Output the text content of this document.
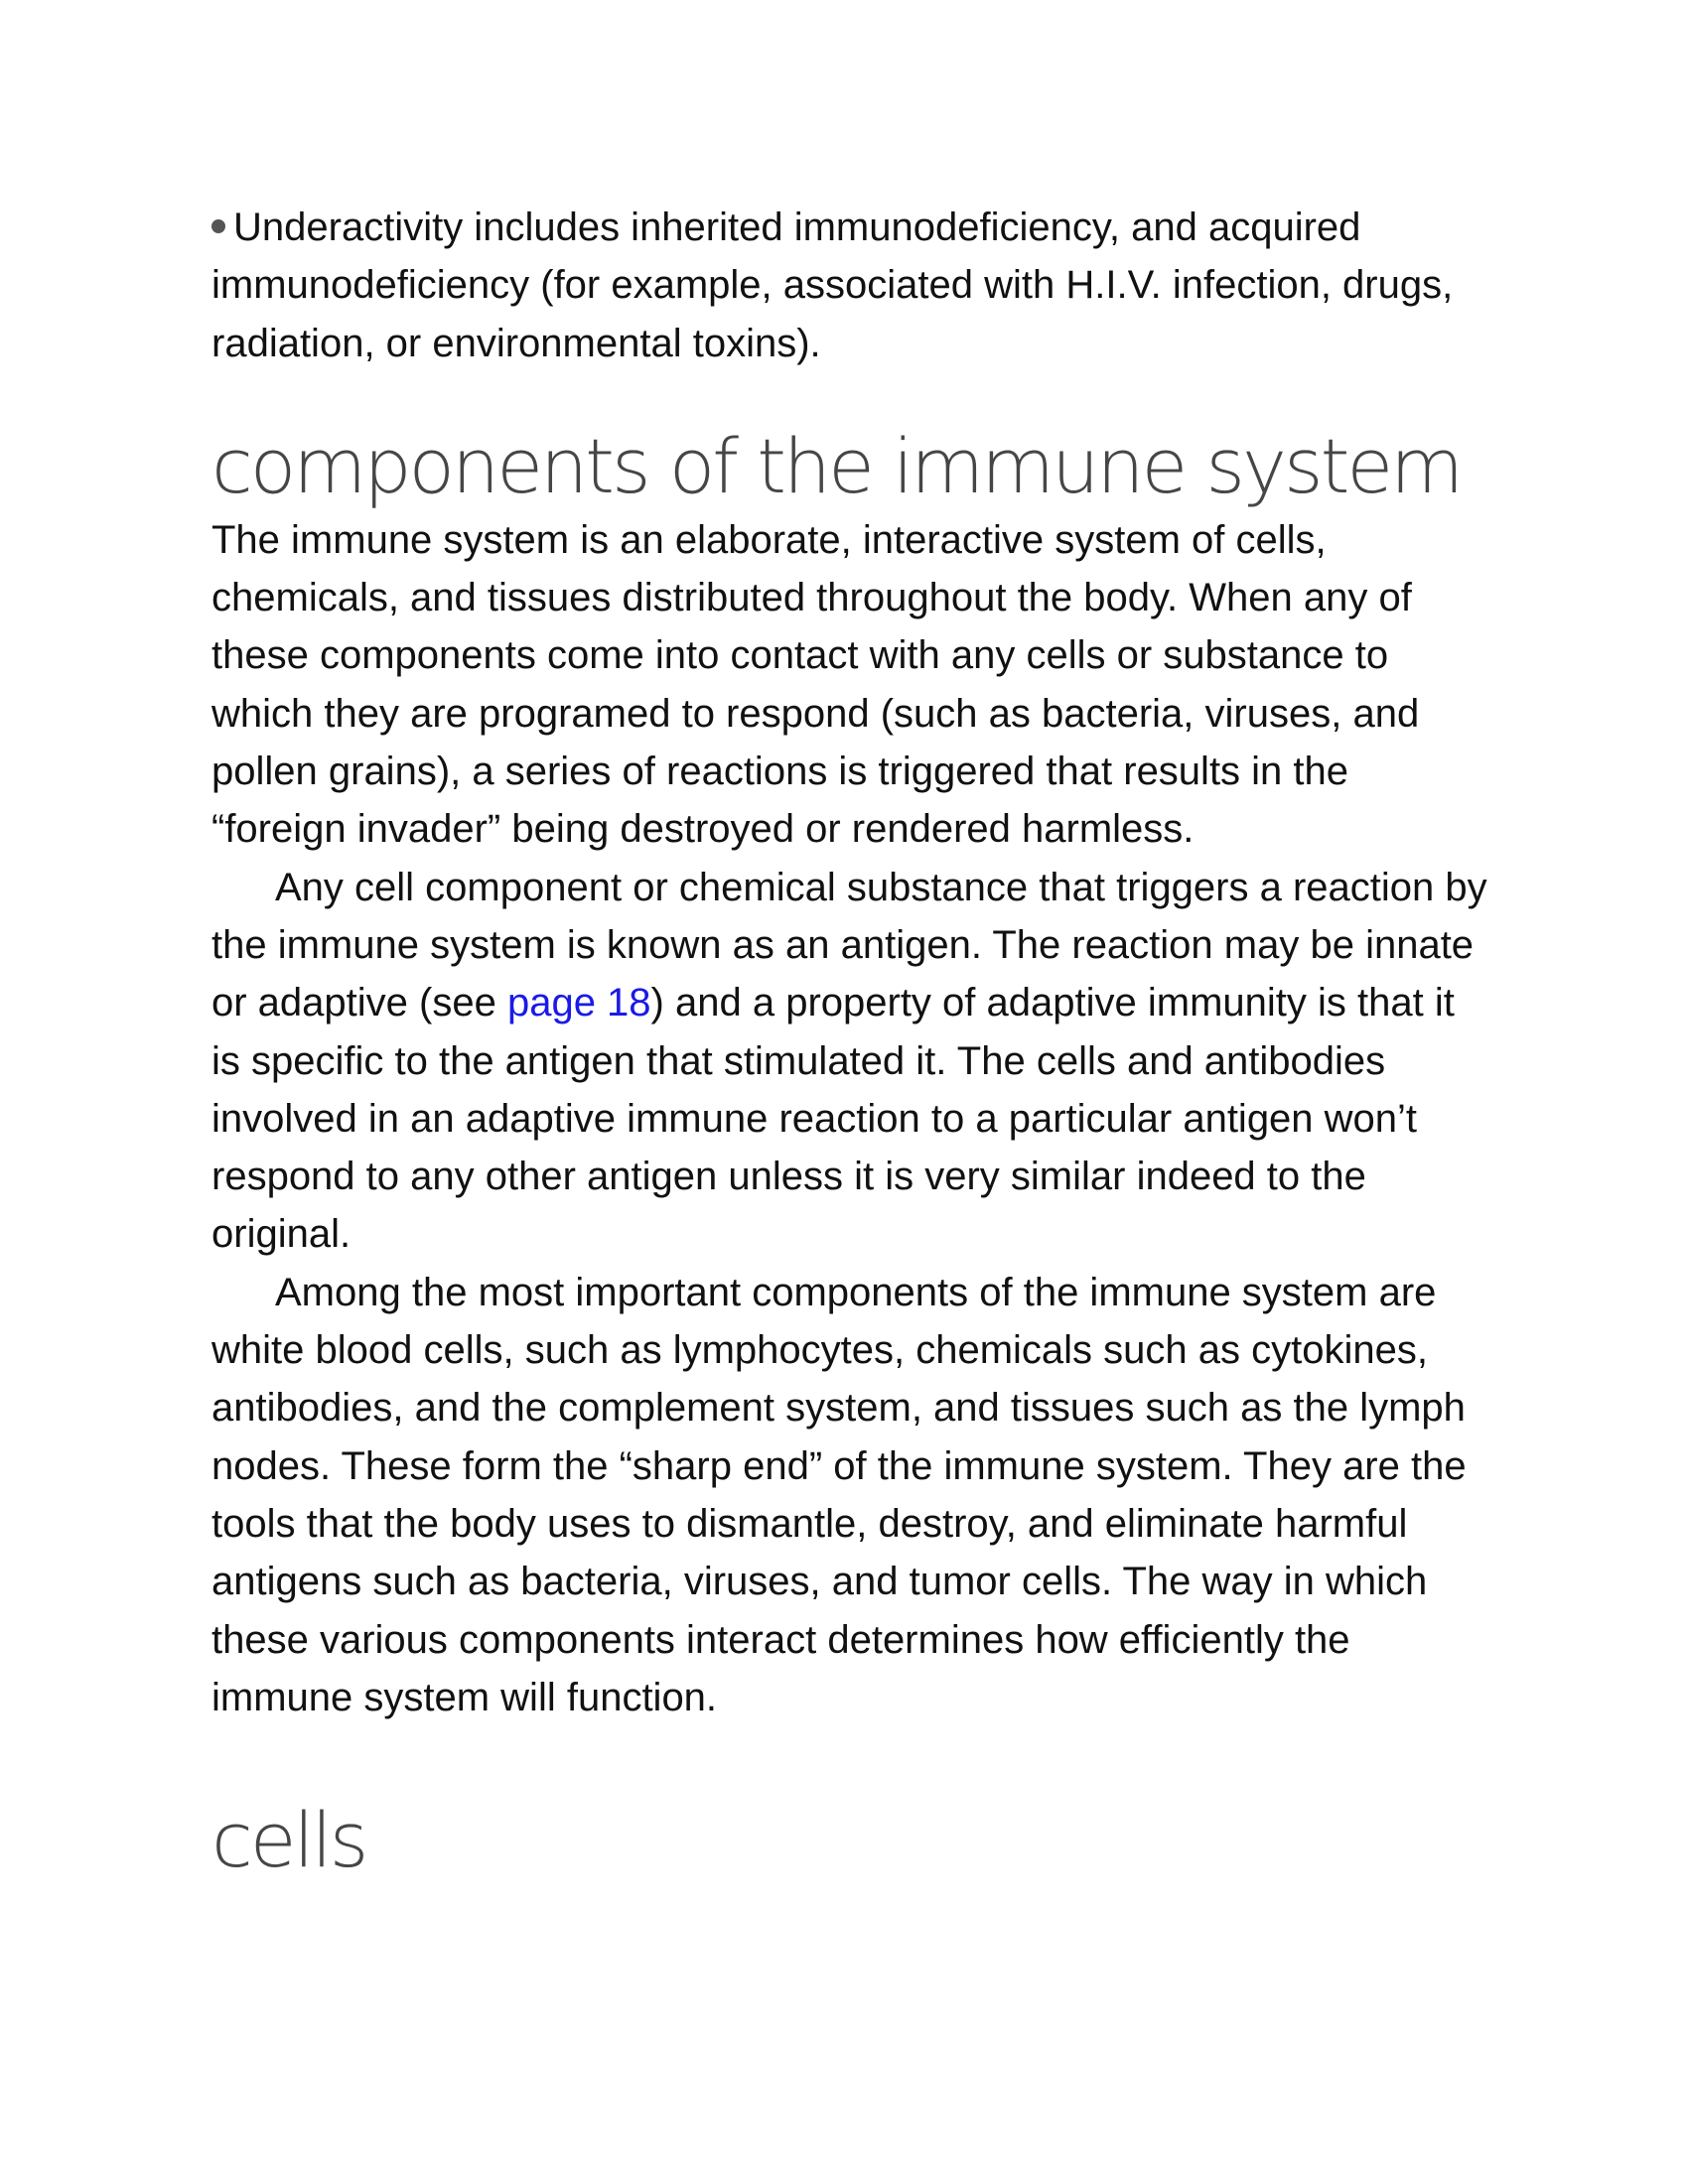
Underactivity includes inherited immunodeficiency, and acquired immunodeficiency (for example, associated with H.I.V. infection, drugs, radiation, or environmental toxins).

components of the immune system

The immune system is an elaborate, interactive system of cells, chemicals, and tissues distributed throughout the body. When any of these components come into contact with any cells or substance to which they are programed to respond (such as bacteria, viruses, and pollen grains), a series of reactions is triggered that results in the “foreign invader” being destroyed or rendered harmless.

Any cell component or chemical substance that triggers a reaction by the immune system is known as an antigen. The reaction may be innate or adaptive (see page 18) and a property of adaptive immunity is that it is specific to the antigen that stimulated it. The cells and antibodies involved in an adaptive immune reaction to a particular antigen won’t respond to any other antigen unless it is very similar indeed to the original.

Among the most important components of the immune system are white blood cells, such as lymphocytes, chemicals such as cytokines, antibodies, and the complement system, and tissues such as the lymph nodes. These form the “sharp end” of the immune system. They are the tools that the body uses to dismantle, destroy, and eliminate harmful antigens such as bacteria, viruses, and tumor cells. The way in which these various components interact determines how efficiently the immune system will function.

cells
